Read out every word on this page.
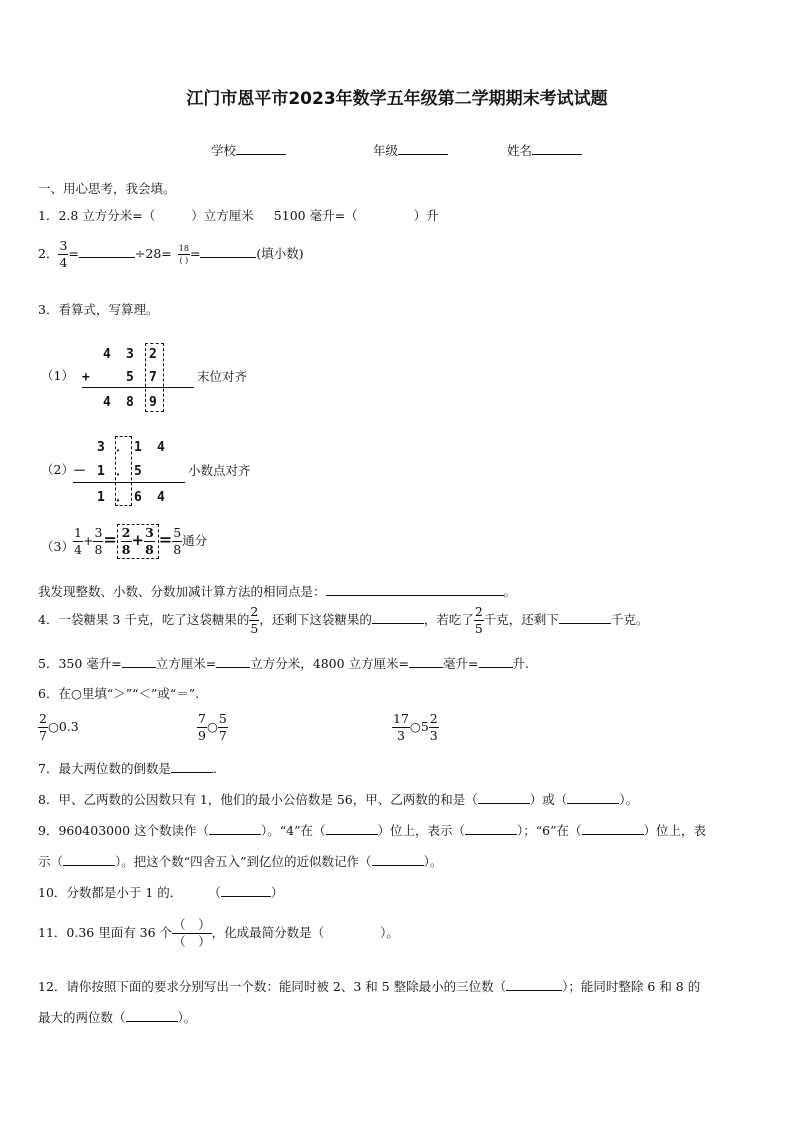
江门市恩平市2023年数学五年级第二学期期末考试试题
学校	年级	姓名
一、用心思考，我会填。
1．2.8 立方分米=（	）立方厘米 5100 毫升=（	）升
2． $\frac{3}{4}$ =	$\div 28= \frac{18}{( )}$ =	(填小数)
3．看算式，写算理。
（1）
4 3 2
+	5 7
4 8 9
末位对齐
（2）
3 ． 1 4
－ 1 ． 5
1 ． 6 4
小数点对齐
$(3) \frac{1}{4} + \frac{3}{8} = \frac{2}{8} + \frac{3}{8} = \frac{5}{8}$ 通分
我发现整数、小数、分数加减计算方法的相同点是：	。
4．一袋糖果 3 千克，吃了这袋糖果的 $\frac{2}{5}$ ，还剩下这袋糖果的	，若吃了 $\frac{2}{5}$ 千克，还剩下	千克。
5．350 毫升=	立方厘米=	立方分米，4800 立方厘米=	毫升=	升.
6．在○里填“＞”“＜”或“＝”.
$\frac{2}{7}$ ○0.3	$\frac{7}{9}$ ○ $\frac{5}{7}$	$\frac{17}{3}$ ○5 $\frac{2}{3}$
7．最大两位数的倒数是	.
8．甲、乙两数的公因数只有 1，他们的最小公倍数是 56，甲、乙两数的和是（	）或（	）。
9．960403000 这个数读作（	）。“4”在（	）位上，表示（	）；“6”在（	）位上，表
示（	）。把这个数“四舍五入”到亿位的近似数记作（	）。
10．分数都是小于 1 的． （	）
11．0.36 里面有 36 个 $\frac{( )}{( )}$ ，化成最简分数是（	）。
12．请你按照下面的要求分别写出一个数：能同时被 2、3 和 5 整除最小的三位数（	）；能同时整除 6 和 8 的
最大的两位数（	）。
